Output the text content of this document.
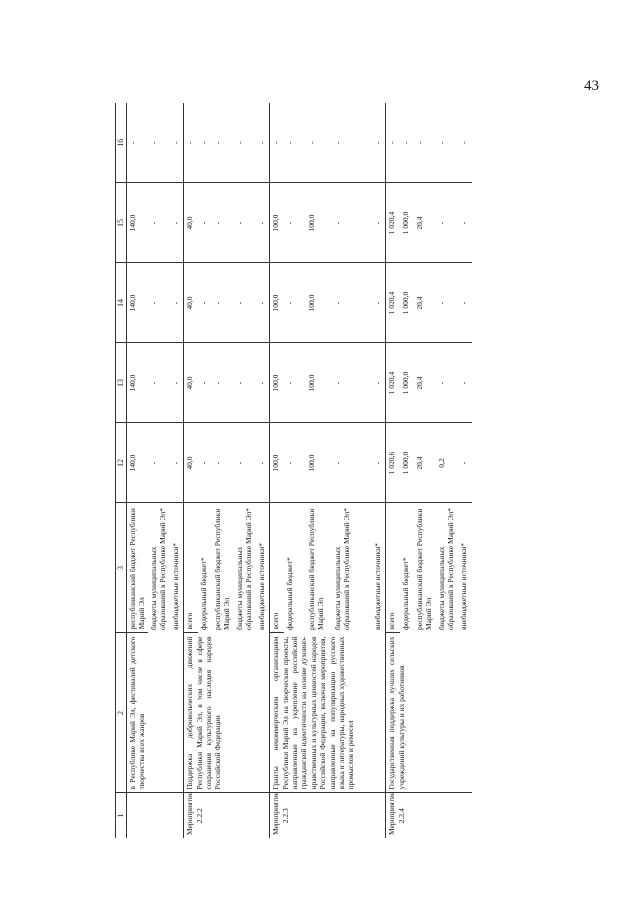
43
1	2	3	12	13	14	15	16
	в Республике Марий Эл, фестивалей детского творчества всех жанров	республиканский бюджет Республики Марий Эл	140,0	140,0	140,0	140,0	-
		бюджеты муниципальных образований в Республике Марий Эл*	-	-	-	-	-
		внебюджетные источники*	-	-	-	-	-
Мероприятие 2.2.2	Поддержка добровольческих движений Республики Марий Эл, в том числе в сфере сохранения культурного наследия народов Российской Федерации	всего	40,0	40,0	40,0	40,0	-
		федеральный бюджет*	-	-	-	-	-
		республиканский бюджет Республики Марий Эл	-	-	-	-	-
		бюджеты муниципальных образований в Республике Марий Эл*	-	-	-	-	-
		внебюджетные источники*	-	-	-	-	-
Мероприятие 2.2.3	Гранты некоммерческим организациям Республики Марий Эл на творческие проекты, направленные на укрепление российской гражданской идентичности на основе духовно-нравственных и культурных ценностей народов Российской Федерации, включая мероприятия, направленные на популяризацию русского языка и литературы, народных художественных промыслов и ремесел	всего	100,0	100,0	100,0	100,0	-
		федеральный бюджет*	-	-	-	-	-
		республиканский бюджет Республики Марий Эл	100,0	100,0	100,0	100,0	-
		бюджеты муниципальных образований в Республике Марий Эл*	-	-	-	-	-
		внебюджетные источники*	-	-	-	-	-
Мероприятие 2.2.4	Государственная поддержка лучших сельских учреждений культуры и их работников	всего	1 020,6	1 020,4	1 020,4	1 020,4	-
		федеральный бюджет*	1 000,0	1 000,0	1 000,0	1 000,0	-
		республиканский бюджет Республики Марий Эл	20,4	20,4	20,4	20,4	-
		бюджеты муниципальных образований в Республике Марий Эл*	0,2	-	-	-	-
		внебюджетные источники*	-	-	-	-	-
